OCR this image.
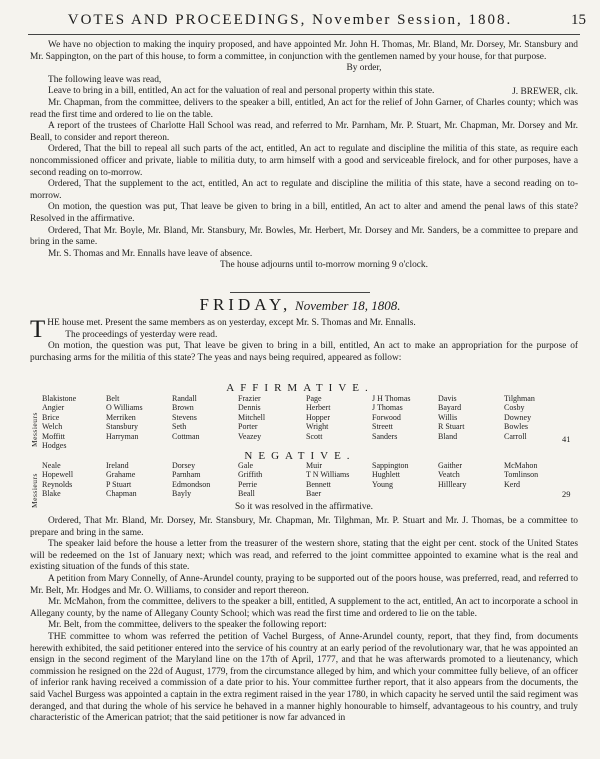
VOTES AND PROCEEDINGS, November Session, 1808.	15

We have no objection to making the inquiry proposed, and have appointed Mr. John H. Thomas, Mr. Bland, Mr. Dorsey, Mr. Stansbury and Mr. Sappington, on the part of this house, to form a committee, in conjunction with the gentlemen named by your house, for that purpose.

By order,

The following leave was read,

Leave to bring in a bill, entitled, An act for the valuation of real and personal property within this state.

Mr. Chapman, from the committee, delivers to the speaker a bill, entitled, An act for the relief of John Garner, of Charles county; which was read the first time and ordered to lie on the table.

A report of the trustees of Charlotte Hall School was read, and referred to Mr. Parnham, Mr. P. Stuart, Mr. Chapman, Mr. Dorsey and Mr. Beall, to consider and report thereon.

Ordered, That the bill to repeal all such parts of the act, entitled, An act to regulate and discipline the militia of this state, as require each noncommissioned officer and private, liable to militia duty, to arm himself with a good and serviceable firelock, and for other purposes, have a second reading on to-morrow.

Ordered, That the supplement to the act, entitled, An act to regulate and discipline the militia of this state, have a second reading on to-morrow.

On motion, the question was put, That leave be given to bring in a bill, entitled, An act to alter and amend the penal laws of this state? Resolved in the affirmative.

Ordered, That Mr. Boyle, Mr. Bland, Mr. Stansbury, Mr. Bowles, Mr. Herbert, Mr. Dorsey and Mr. Sanders, be a committee to prepare and bring in the same.

Mr. S. Thomas and Mr. Ennalls have leave of absence.

The house adjourns until to-morrow morning 9 o'clock.

J. BREWER, clk.
FRIDAY, November 18, 1808.

THE house met. Present the same members as on yesterday, except Mr. S. Thomas and Mr. Ennalls.

The proceedings of yesterday were read.

On motion, the question was put, That leave be given to bring in a bill, entitled, An act to make an appropriation for the purpose of purchasing arms for the militia of this state? The yeas and nays being required, appeared as follow:

AFFIRMATIVE.
Messieurs
Blakistone
Angier
Brice
Welch
Moffitt
Hodges
Belt
O Williams
Merriken
Stansbury
Harryman
Randall
Brown
Stevens
Seth
Cottman
Frazier
Dennis
Mitchell
Porter
Veazey
Page
Herbert
Hopper
Wright
Scott
J H Thomas
J Thomas
Forwood
Streett
Sanders
Davis
Bayard
Willis
R Stuart
Bland
Tilghman
Cosby
Downey
Bowles
Carroll	41
NEGATIVE.
Messieurs
Neale
Hopewell
Reynolds
Blake
Ireland
Grahame
P Stuart
Chapman
Dorsey
Parnham
Edmondson
Bayly
Gale
Griffith
Perrie
Beall
Muir
T N Williams
Bennett
Baer
Sappington
Hughlett
Young
Gaither
Veatch
Hillleary
McMahon
Tomlinson
Kerd
29
So it was resolved in the affirmative.

Ordered, That Mr. Bland, Mr. Dorsey, Mr. Stansbury, Mr. Chapman, Mr. Tilghman, Mr. P. Stuart and Mr. J. Thomas, be a committee to prepare and bring in the same.

The speaker laid before the house a letter from the treasurer of the western shore, stating that the eight per cent. stock of the United States will be redeemed on the 1st of January next; which was read, and referred to the joint committee appointed to examine what is the real and existing situation of the funds of this state.

A petition from Mary Connelly, of Anne-Arundel county, praying to be supported out of the poors house, was preferred, read, and referred to Mr. Belt, Mr. Hodges and Mr. O. Williams, to consider and report thereon.

Mr. McMahon, from the committee, delivers to the speaker a bill, entitled, A supplement to the act, entitled, An act to incorporate a school in Allegany county, by the name of Allegany County School; which was read the first time and ordered to lie on the table.

Mr. Belt, from the committee, delivers to the speaker the following report:

THE committee to whom was referred the petition of Vachel Burgess, of Anne-Arundel county, report, that they find, from documents herewith exhibited, the said petitioner entered into the service of his country at an early period of the revolutionary war, that he was appointed an ensign in the second regiment of the Maryland line on the 17th of April, 1777, and that he was afterwards promoted to a lieutenancy, which commission he resigned on the 22d of August, 1779, from the circumstance alleged by him, and which your committee fully believe, of an officer of inferior rank having received a commission of a date prior to his. Your committee further report, that it also appears from the documents, the said Vachel Burgess was appointed a captain in the extra regiment raised in the year 1780, in which capacity he served until the said regiment was deranged, and that during the whole of his service he behaved in a manner highly honourable to himself, advantageous to his country, and truly characteristic of the American patriot; that the said petitioner is now far advanced in
